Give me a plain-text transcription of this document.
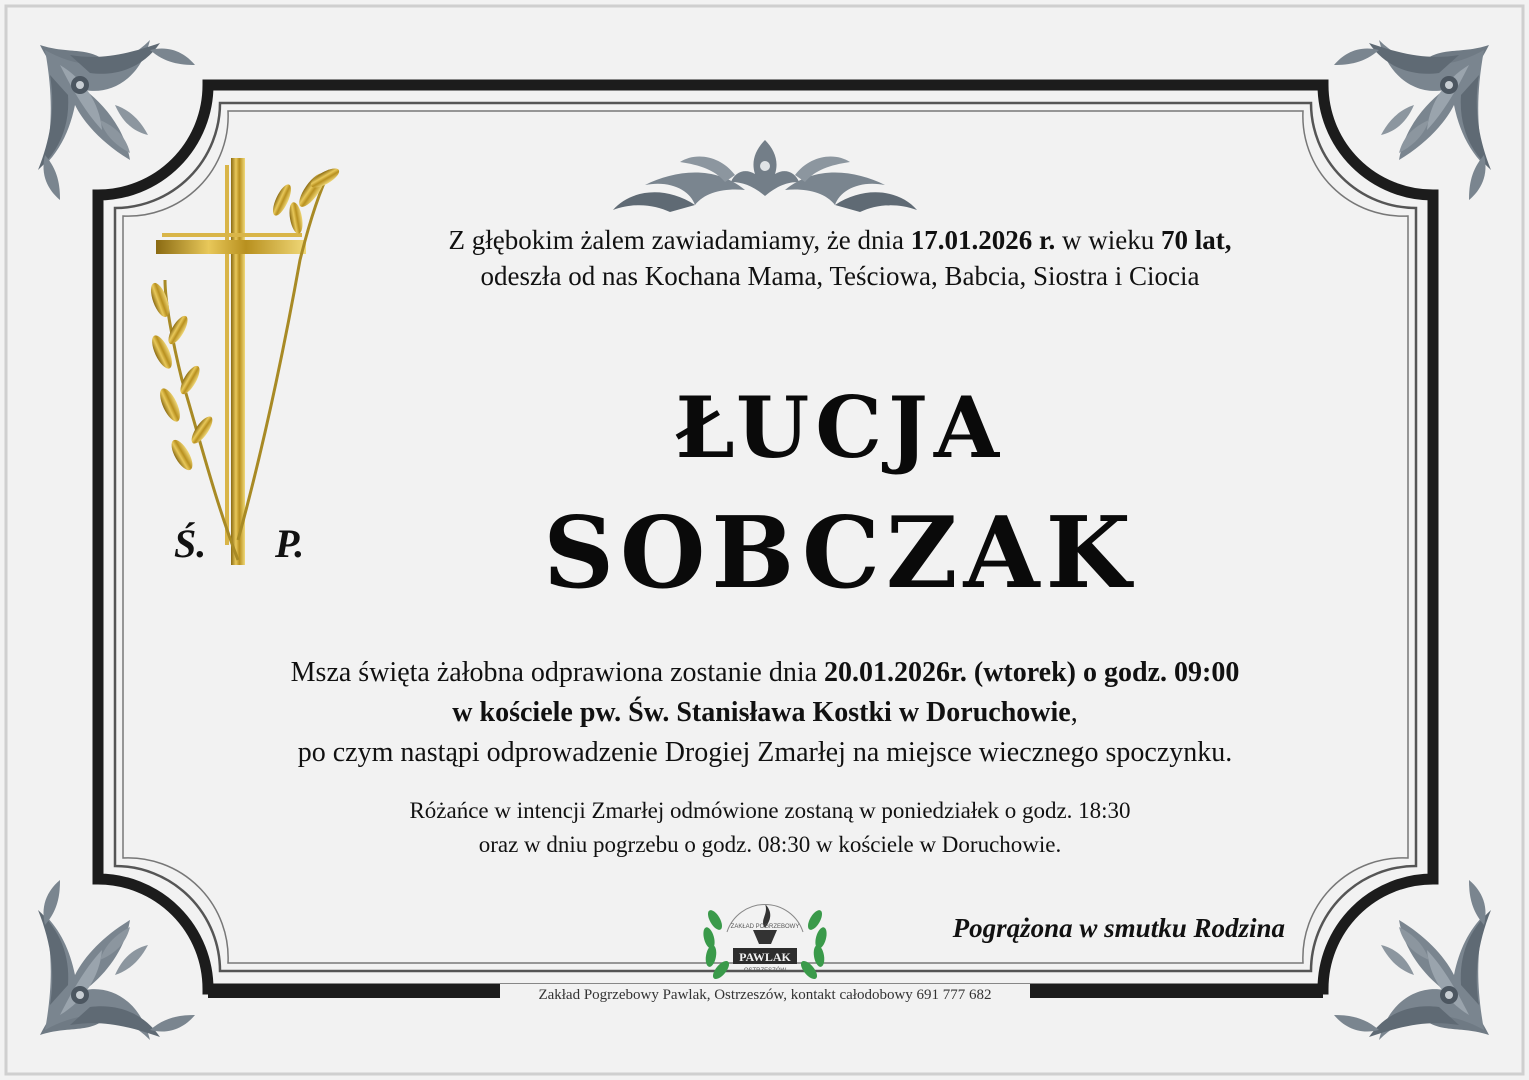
ZAKŁAD POGRZEBOWY
PAWLAK
OSTRZESZÓW
Ś. P.
Z głębokim żalem zawiadamiamy, że dnia 17.01.2026 r. w wieku 70 lat,
odeszła od nas Kochana Mama, Teściowa, Babcia, Siostra i Ciocia
ŁUCJA
SOBCZAK
Msza święta żałobna odprawiona zostanie dnia 20.01.2026r. (wtorek) o godz. 09:00
w kościele pw. Św. Stanisława Kostki w Doruchowie,
po czym nastąpi odprowadzenie Drogiej Zmarłej na miejsce wiecznego spoczynku.
Różańce w intencji Zmarłej odmówione zostaną w poniedziałek o godz. 18:30
oraz w dniu pogrzebu o godz. 08:30 w kościele w Doruchowie.
Pogrążona w smutku Rodzina
Zakład Pogrzebowy Pawlak, Ostrzeszów, kontakt całodobowy 691 777 682
